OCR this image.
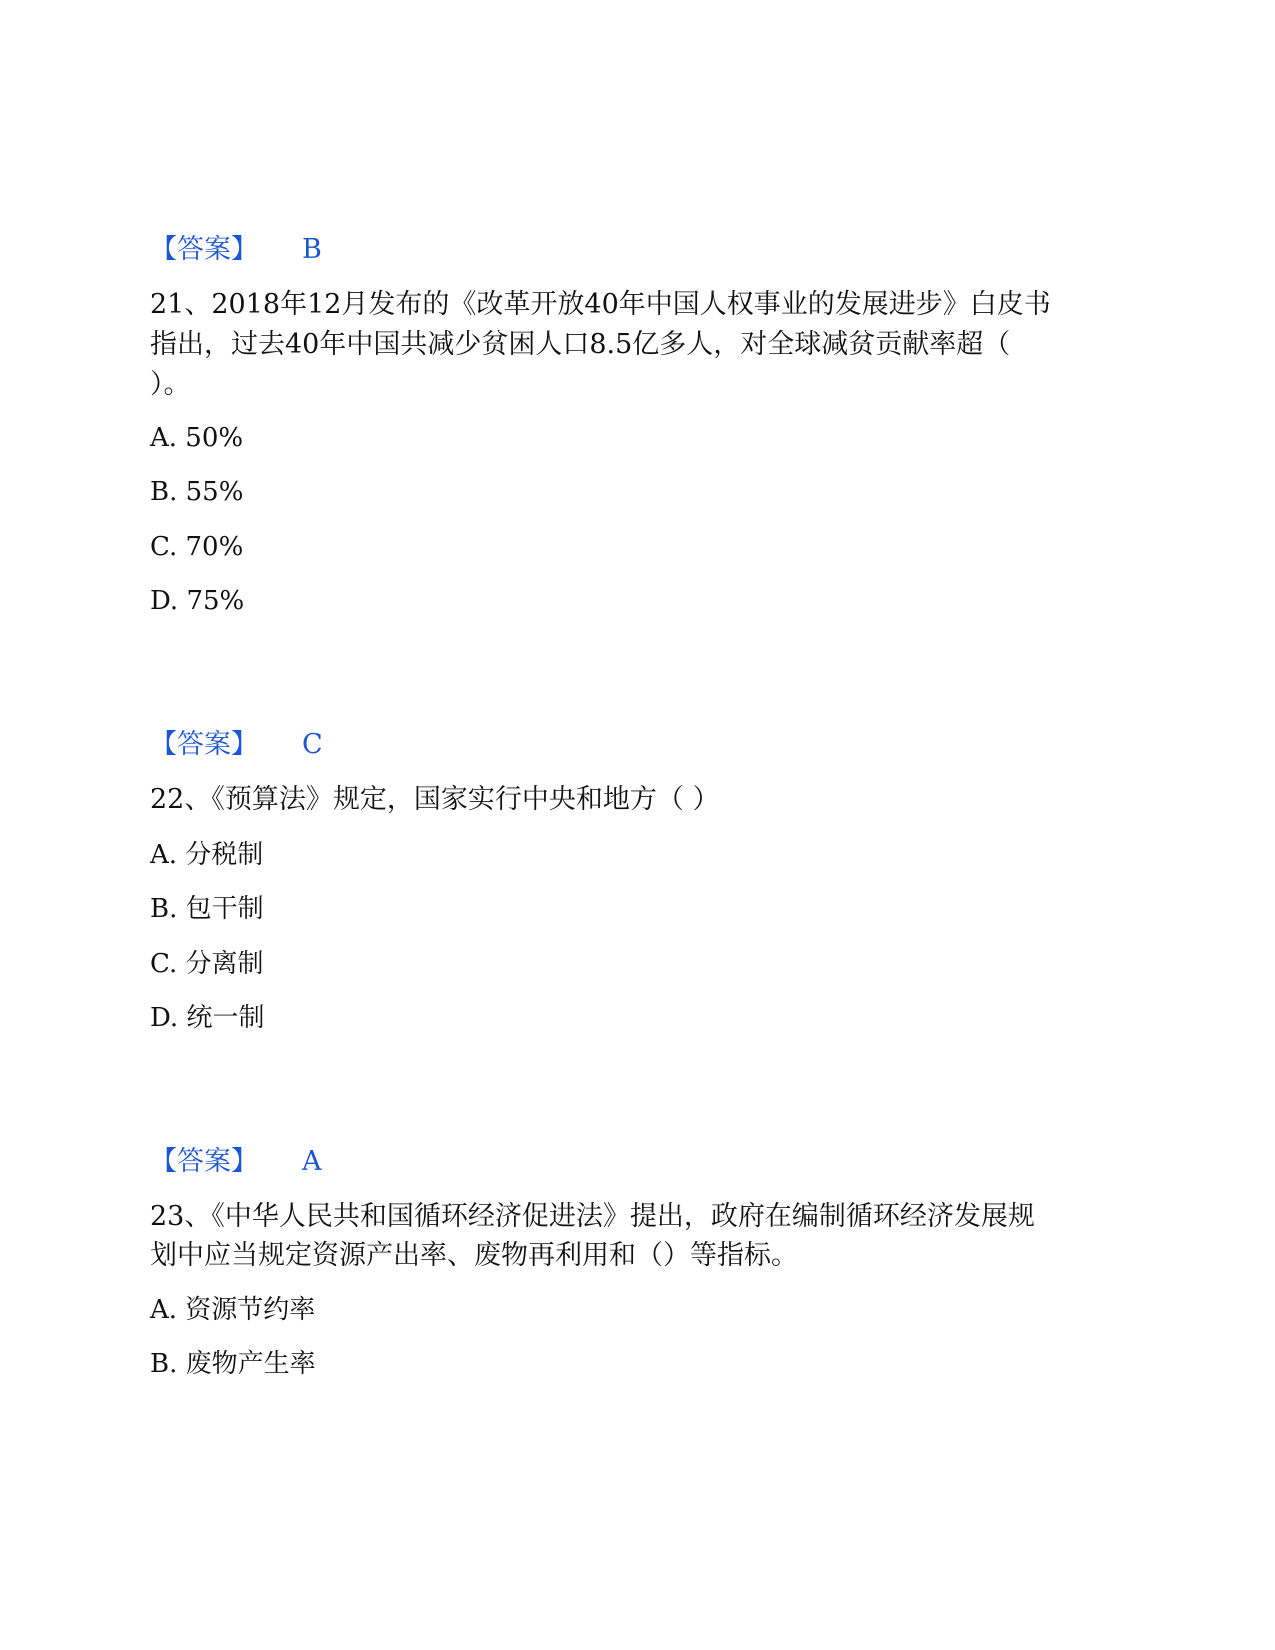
【答案】 B
21、2018年12月发布的《改革开放40年中国人权事业的发展进步》白皮书
指出，过去40年中国共减少贫困人口8.5亿多人，对全球减贫贡献率超（
）。
A. 50%
B. 55%
C. 70%
D. 75%
【答案】 C
22、《预算法》规定，国家实行中央和地方（ ）
A. 分税制
B. 包干制
C. 分离制
D. 统一制
【答案】 A
23、《中华人民共和国循环经济促进法》提出，政府在编制循环经济发展规
划中应当规定资源产出率、废物再利用和（）等指标。
A. 资源节约率
B. 废物产生率
